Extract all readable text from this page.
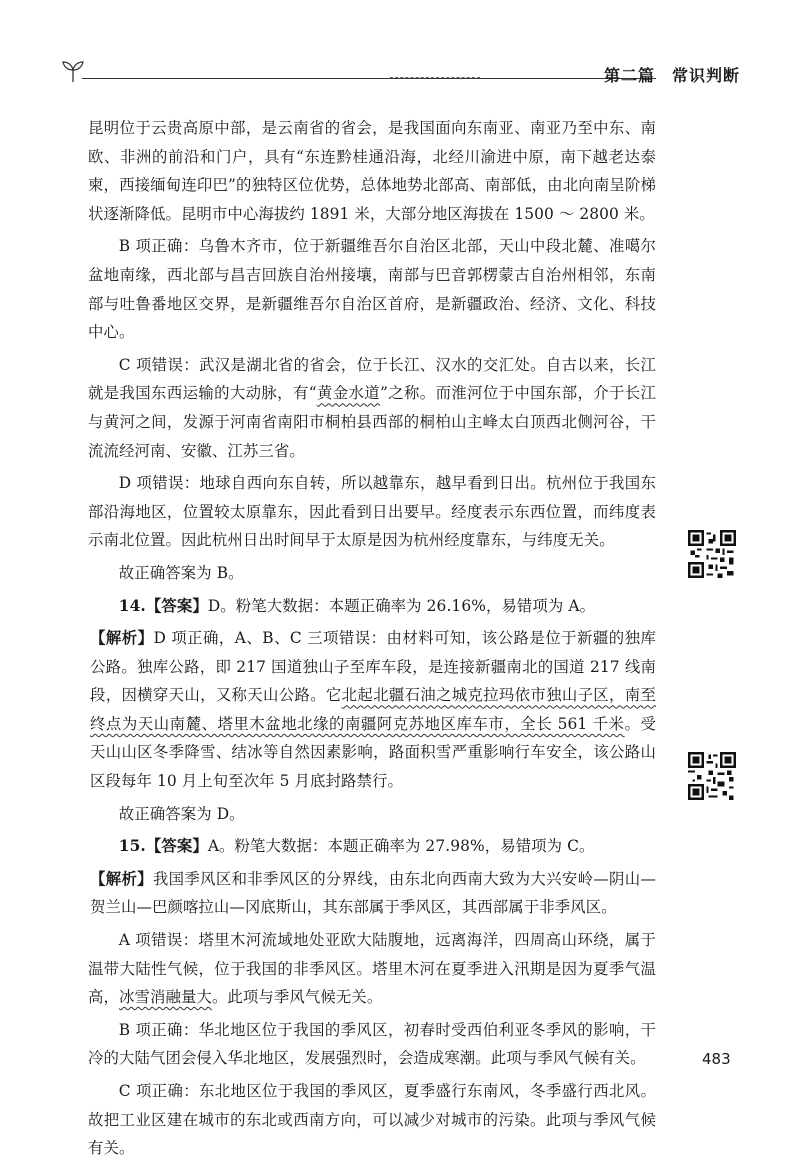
第二篇　常识判断

昆明位于云贵高原中部，是云南省的省会，是我国面向东南亚、南亚乃至中东、南欧、非洲的前沿和门户，具有“东连黔桂通沿海，北经川渝进中原，南下越老达泰柬，西接缅甸连印巴”的独特区位优势，总体地势北部高、南部低，由北向南呈阶梯状逐渐降低。昆明市中心海拔约 1891 米，大部分地区海拔在 1500 ～ 2800 米。

B 项正确：乌鲁木齐市，位于新疆维吾尔自治区北部，天山中段北麓、准噶尔盆地南缘，西北部与昌吉回族自治州接壤，南部与巴音郭楞蒙古自治州相邻，东南部与吐鲁番地区交界，是新疆维吾尔自治区首府，是新疆政治、经济、文化、科技中心。

C 项错误：武汉是湖北省的省会，位于长江、汉水的交汇处。自古以来，长江就是我国东西运输的大动脉，有“黄金水道”之称。而淮河位于中国东部，介于长江与黄河之间，发源于河南省南阳市桐柏县西部的桐柏山主峰太白顶西北侧河谷，干流流经河南、安徽、江苏三省。

D 项错误：地球自西向东自转，所以越靠东，越早看到日出。杭州位于我国东部沿海地区，位置较太原靠东，因此看到日出要早。经度表示东西位置，而纬度表示南北位置。因此杭州日出时间早于太原是因为杭州经度靠东，与纬度无关。

故正确答案为 B。

14.【答案】D。粉笔大数据：本题正确率为 26.16%，易错项为 A。

【解析】D 项正确，A、B、C 三项错误：由材料可知，该公路是位于新疆的独库公路。独库公路，即 217 国道独山子至库车段，是连接新疆南北的国道 217 线南段，因横穿天山，又称天山公路。它北起北疆石油之城克拉玛依市独山子区，南至终点为天山南麓、塔里木盆地北缘的南疆阿克苏地区库车市，全长 561 千米。受天山山区冬季降雪、结冰等自然因素影响，路面积雪严重影响行车安全，该公路山区段每年 10 月上旬至次年 5 月底封路禁行。

故正确答案为 D。

15.【答案】A。粉笔大数据：本题正确率为 27.98%，易错项为 C。

【解析】我国季风区和非季风区的分界线，由东北向西南大致为大兴安岭—阴山—贺兰山—巴颜喀拉山—冈底斯山，其东部属于季风区，其西部属于非季风区。

A 项错误：塔里木河流域地处亚欧大陆腹地，远离海洋，四周高山环绕，属于温带大陆性气候，位于我国的非季风区。塔里木河在夏季进入汛期是因为夏季气温高，冰雪消融量大。此项与季风气候无关。

B 项正确：华北地区位于我国的季风区，初春时受西伯利亚冬季风的影响，干冷的大陆气团会侵入华北地区，发展强烈时，会造成寒潮。此项与季风气候有关。

C 项正确：东北地区位于我国的季风区，夏季盛行东南风，冬季盛行西北风。故把工业区建在城市的东北或西南方向，可以减少对城市的污染。此项与季风气候有关。

483
